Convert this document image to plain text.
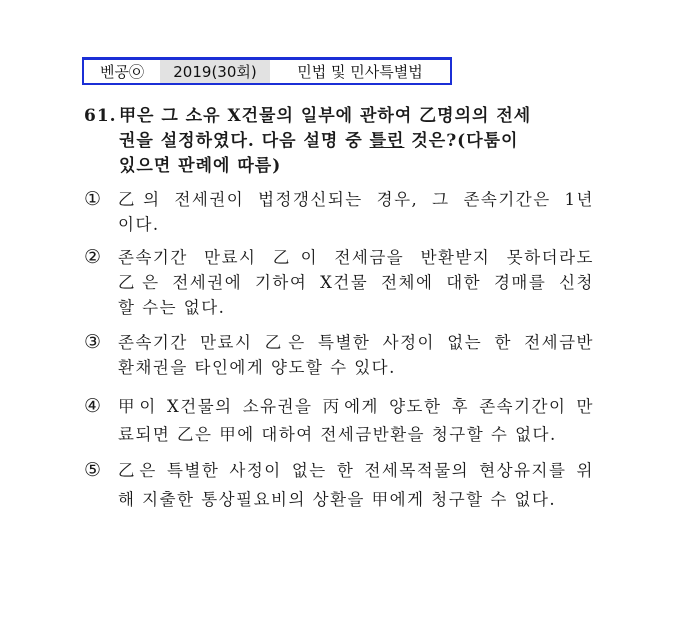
벤공㉧	2019(30회)	민법 및 민사특별법
61. 甲은 그 소유 X건물의 일부에 관하여 乙명의의 전세
권을 설정하였다. 다음 설명 중 틀린 것은?(다툼이
있으면 판례에 따름)
① 乙의 전세권이 법정갱신되는 경우, 그 존속기간은 1년
이다.
② 존속기간 만료시 乙이 전세금을 반환받지 못하더라도
乙은 전세권에 기하여 X건물 전체에 대한 경매를 신청
할 수는 없다.
③ 존속기간 만료시 乙은 특별한 사정이 없는 한 전세금반
환채권을 타인에게 양도할 수 있다.
④ 甲이 X건물의 소유권을 丙에게 양도한 후 존속기간이 만
료되면 乙은 甲에 대하여 전세금반환을 청구할 수 없다.
⑤ 乙은 특별한 사정이 없는 한 전세목적물의 현상유지를 위
해 지출한 통상필요비의 상환을 甲에게 청구할 수 없다.
